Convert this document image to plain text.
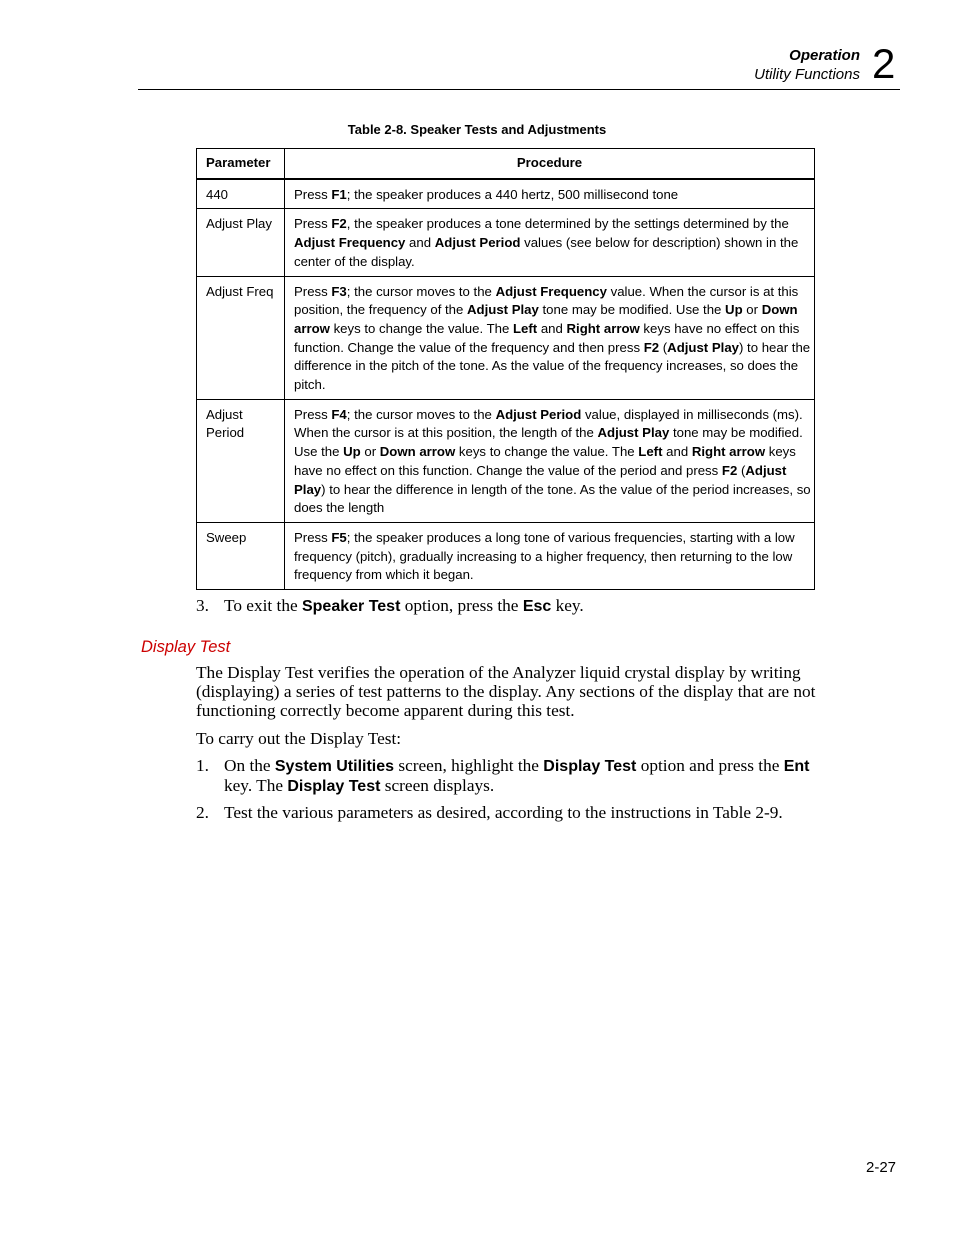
Operation
Utility Functions 2
Table 2-8. Speaker Tests and Adjustments
Parameter	Procedure
440	Press F1; the speaker produces a 440 hertz, 500 millisecond tone
Adjust Play	Press F2, the speaker produces a tone determined by the settings determined by the Adjust Frequency and Adjust Period values (see below for description) shown in the center of the display.
Adjust Freq	Press F3; the cursor moves to the Adjust Frequency value. When the cursor is at this position, the frequency of the Adjust Play tone may be modified. Use the Up or Down arrow keys to change the value. The Left and Right arrow keys have no effect on this function. Change the value of the frequency and then press F2 (Adjust Play) to hear the difference in the pitch of the tone. As the value of the frequency increases, so does the pitch.
Adjust Period	Press F4; the cursor moves to the Adjust Period value, displayed in milliseconds (ms). When the cursor is at this position, the length of the Adjust Play tone may be modified. Use the Up or Down arrow keys to change the value. The Left and Right arrow keys have no effect on this function. Change the value of the period and press F2 (Adjust Play) to hear the difference in length of the tone. As the value of the period increases, so does the length
Sweep	Press F5; the speaker produces a long tone of various frequencies, starting with a low frequency (pitch), gradually increasing to a higher frequency, then returning to the low frequency from which it began.
3. To exit the Speaker Test option, press the Esc key.
Display Test
The Display Test verifies the operation of the Analyzer liquid crystal display by writing (displaying) a series of test patterns to the display. Any sections of the display that are not functioning correctly become apparent during this test.
To carry out the Display Test:
1. On the System Utilities screen, highlight the Display Test option and press the Ent key. The Display Test screen displays.
2. Test the various parameters as desired, according to the instructions in Table 2-9.
2-27
